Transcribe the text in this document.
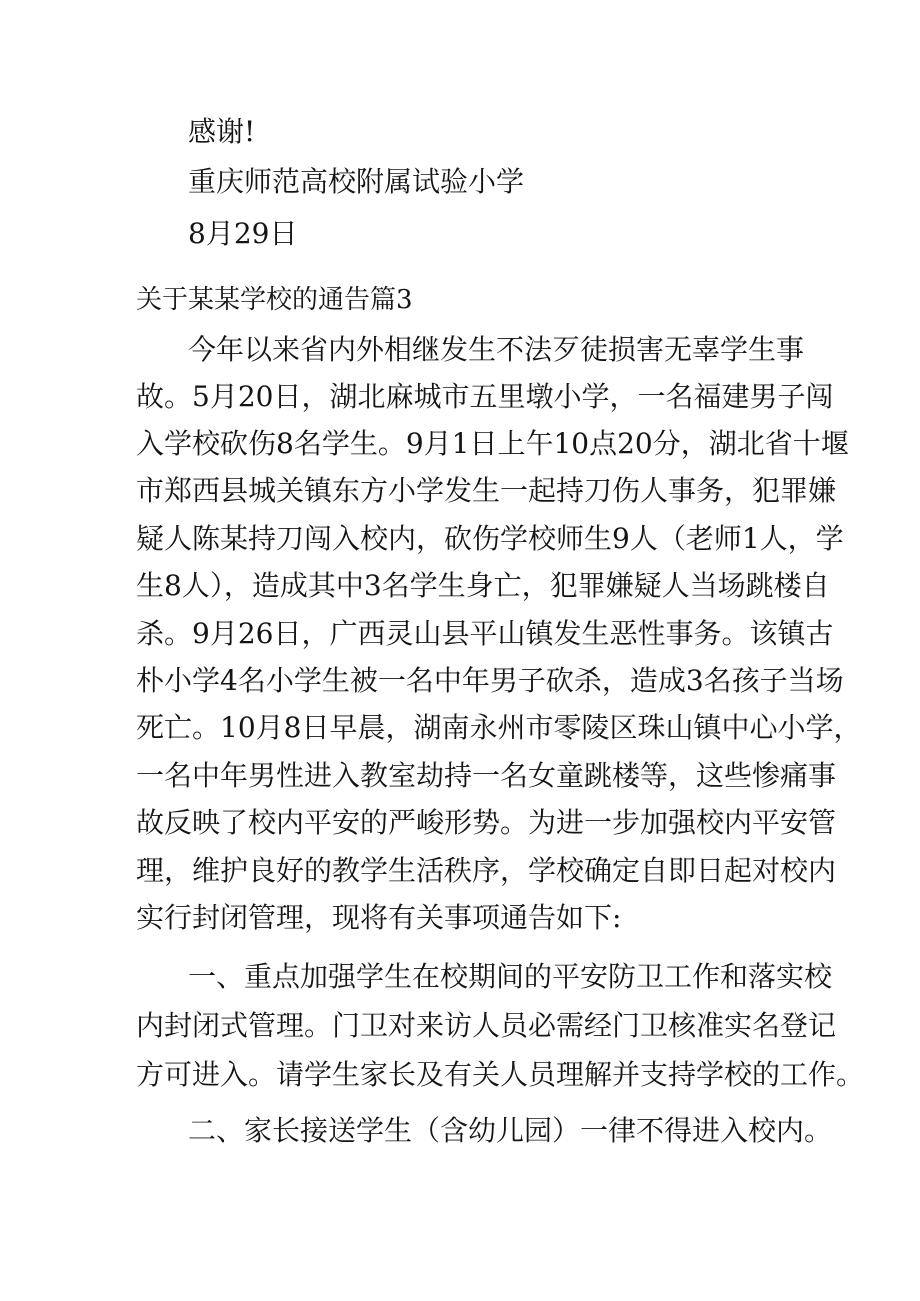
感谢!
重庆师范高校附属试验小学
8月29日
关于某某学校的通告篇3
今年以来省内外相继发生不法歹徒损害无辜学生事
故。5月20日，湖北麻城市五里墩小学，一名福建男子闯
入学校砍伤8名学生。9月1日上午10点20分，湖北省十堰
市郑西县城关镇东方小学发生一起持刀伤人事务，犯罪嫌
疑人陈某持刀闯入校内，砍伤学校师生9人（老师1人，学
生8人），造成其中3名学生身亡，犯罪嫌疑人当场跳楼自
杀。9月26日，广西灵山县平山镇发生恶性事务。该镇古
朴小学4名小学生被一名中年男子砍杀，造成3名孩子当场
死亡。10月8日早晨，湖南永州市零陵区珠山镇中心小学，
一名中年男性进入教室劫持一名女童跳楼等，这些惨痛事
故反映了校内平安的严峻形势。为进一步加强校内平安管
理，维护良好的教学生活秩序，学校确定自即日起对校内
实行封闭管理，现将有关事项通告如下:
一、重点加强学生在校期间的平安防卫工作和落实校
内封闭式管理。门卫对来访人员必需经门卫核准实名登记
方可进入。请学生家长及有关人员理解并支持学校的工作。
二、家长接送学生（含幼儿园）一律不得进入校内。
